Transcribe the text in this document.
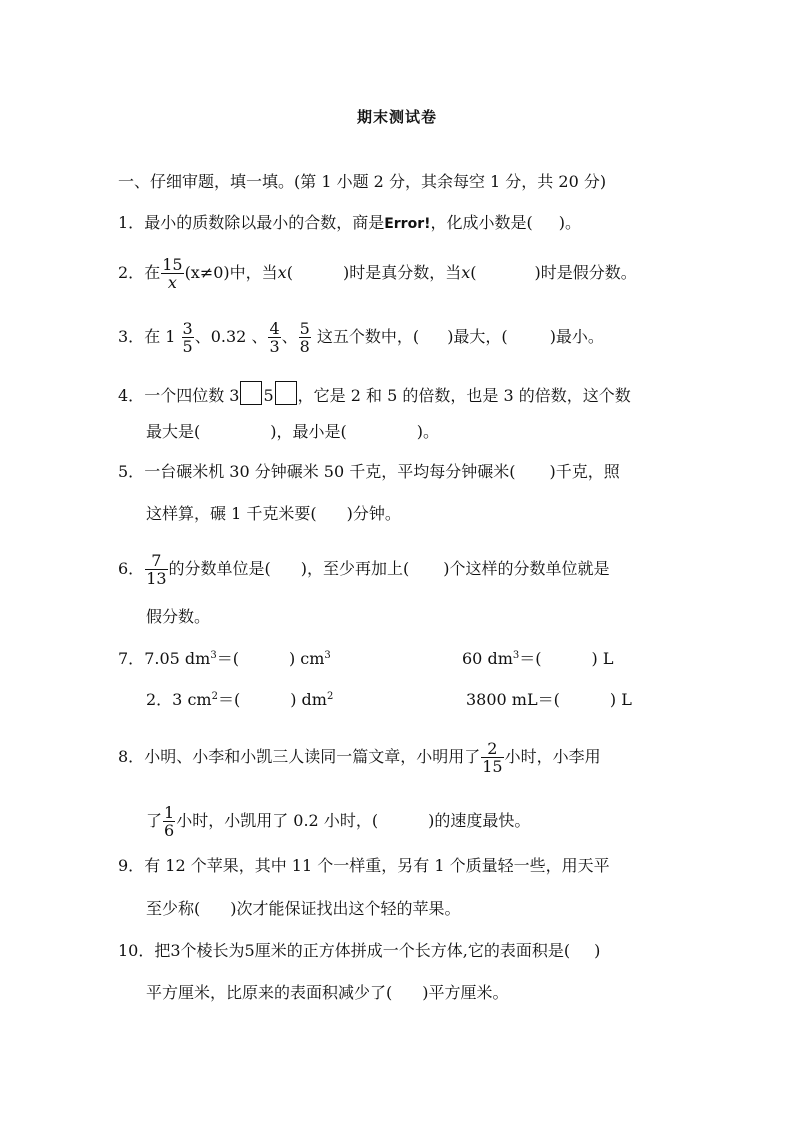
期末测试卷
一、仔细审题，填一填。(第 1 小题 2 分，其余每空 1 分，共 20 分)
1．最小的质数除以最小的合数，商是Error!，化成小数是( )。
2．在 $\frac{15}{x} (x\ne 0)$中，当x(	)时是真分数，当x(	)时是假分数。
3．在 $1 \frac{3}{5}$ 、0.32 、 $\frac{4}{3}$ 、 $\frac{5}{8}$ 这五个数中，( )最大，(	)最小。
4．一个四位数 3 5 ，它是 2 和 5 的倍数，也是 3 的倍数，这个数
最大是(	)，最小是(	)。
5．一台碾米机 30 分钟碾米 50 千克，平均每分钟碾米( )千克，照
这样算，碾 1 千克米要( )分钟。
6． $\frac{7}{13}$ 的分数单位是( )，至少再加上( )个这样的分数单位就是
假分数。
7．7.05 $dm^3=$(	) $cm^3$	60 $dm^3=$(	) L
2．3 $cm^2=$(	) $dm^2$	3800 mL＝(	) L
8．小明、小李和小凯三人读同一篇文章，小明用了 $\frac{2}{15}$ 小时，小李用
了 $\frac{1}{6}$ 小时，小凯用了 0.2 小时，(	)的速度最快。
9．有 12 个苹果，其中 11 个一样重，另有 1 个质量轻一些，用天平
至少称( )次才能保证找出这个轻的苹果。
10．把3个棱长为5厘米的正方体拼成一个长方体,它的表面积是( )
平方厘米，比原来的表面积减少了( )平方厘米。
